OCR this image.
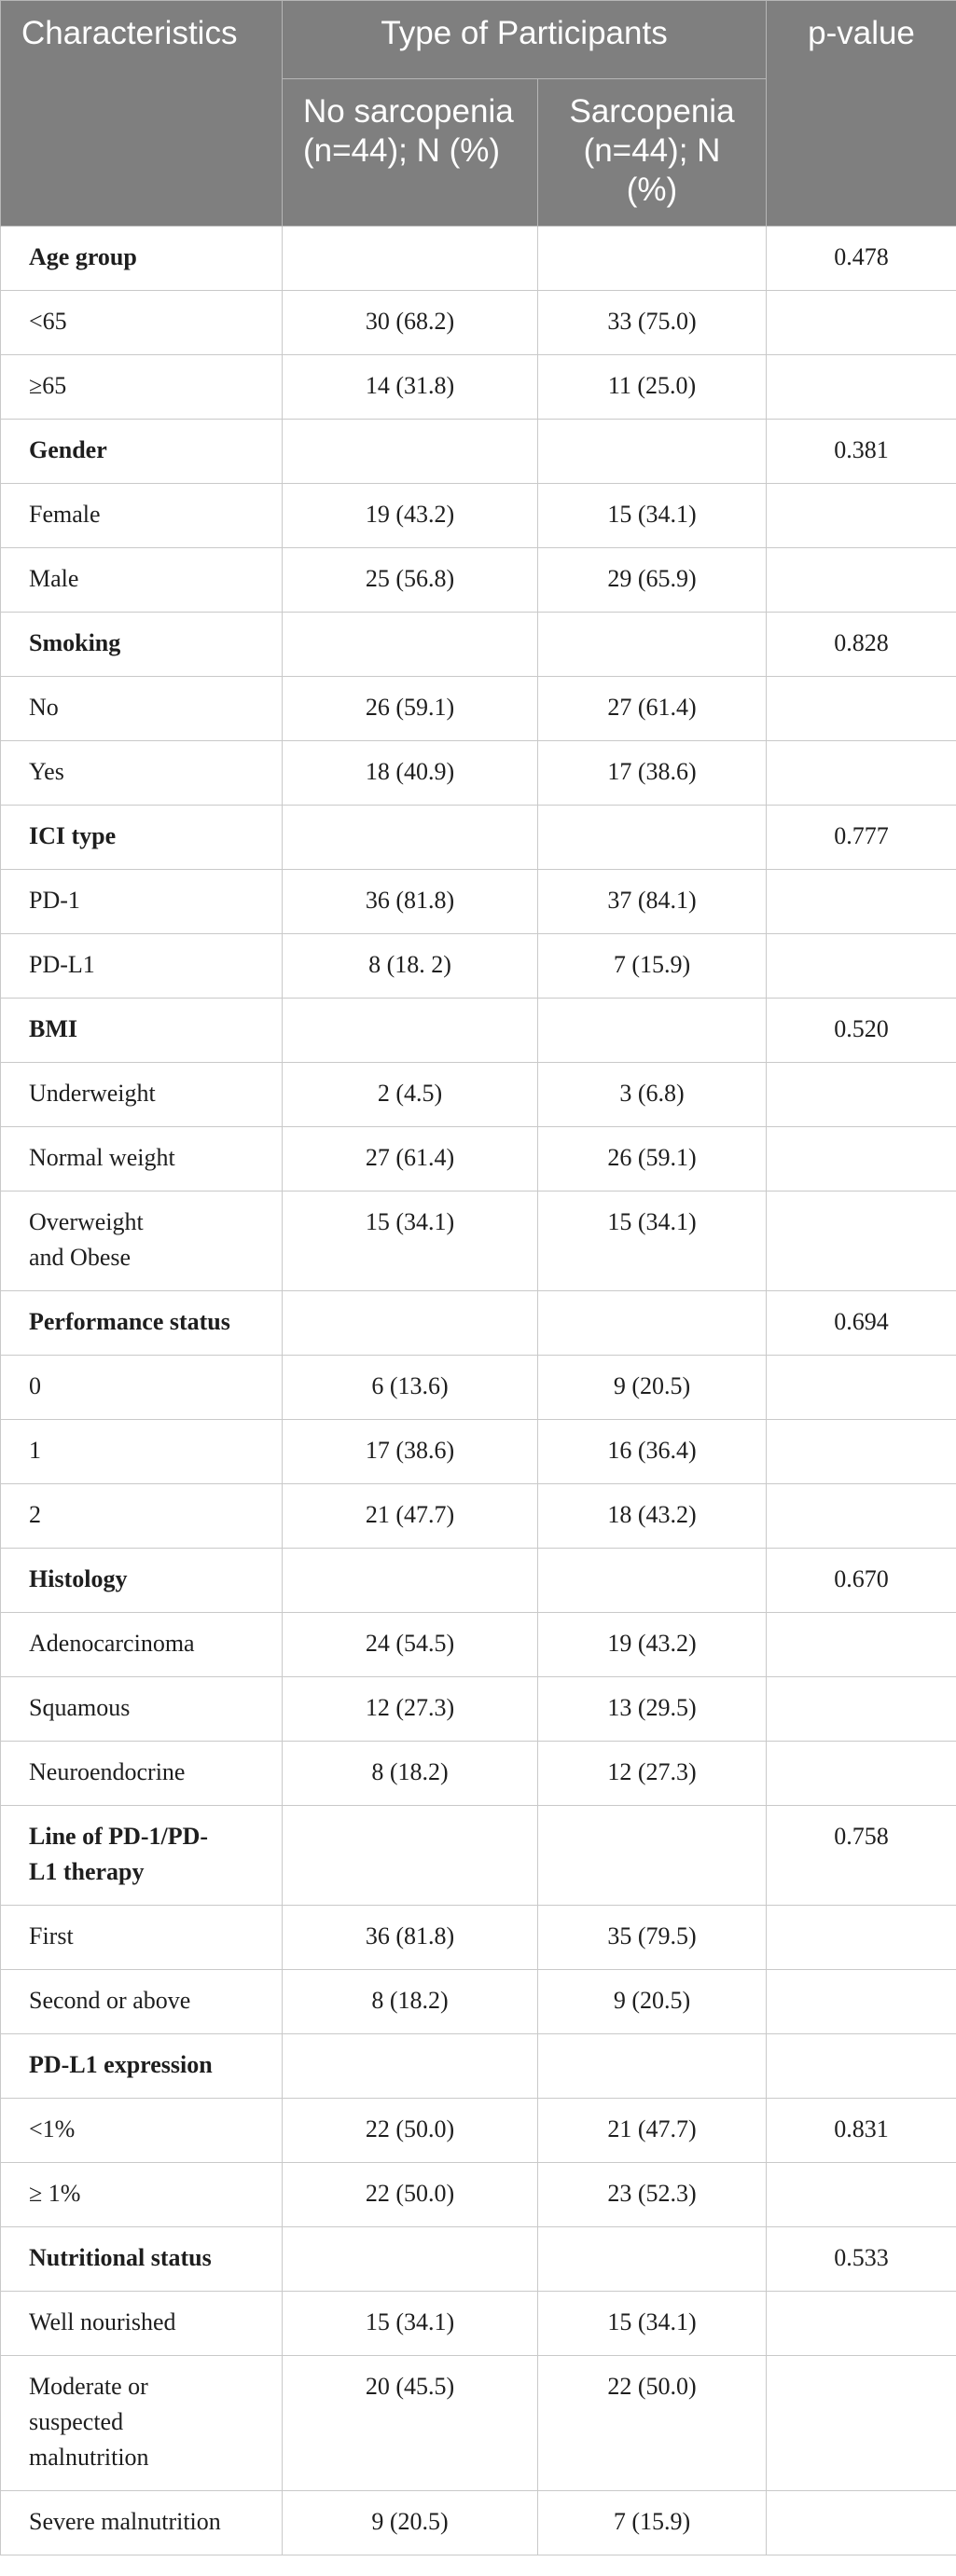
Characteristics	Type of Participants		p-value
	No sarcopenia (n=44); N (%)	Sarcopenia (n=44); N (%)	
Age group			0.478
<65	30 (68.2)	33 (75.0)	
≥65	14 (31.8)	11 (25.0)	
Gender			0.381
Female	19 (43.2)	15 (34.1)	
Male	25 (56.8)	29 (65.9)	
Smoking			0.828
No	26 (59.1)	27 (61.4)	
Yes	18 (40.9)	17 (38.6)	
ICI type			0.777
PD-1	36 (81.8)	37 (84.1)	
PD-L1	8 (18. 2)	7 (15.9)	
BMI			0.520
Underweight	2 (4.5)	3 (6.8)	
Normal weight	27 (61.4)	26 (59.1)	
Overweight
and Obese	15 (34.1)	15 (34.1)	
Performance status			0.694
0	6 (13.6)	9 (20.5)	
1	17 (38.6)	16 (36.4)	
2	21 (47.7)	18 (43.2)	
Histology			0.670
Adenocarcinoma	24 (54.5)	19 (43.2)	
Squamous	12 (27.3)	13 (29.5)	
Neuroendocrine	8 (18.2)	12 (27.3)	
Line of PD-1/PD-
L1 therapy			0.758
First	36 (81.8)	35 (79.5)	
Second or above	8 (18.2)	9 (20.5)	
PD-L1 expression			
<1%	22 (50.0)	21 (47.7)	0.831
≥ 1%	22 (50.0)	23 (52.3)	
Nutritional status			0.533
Well nourished	15 (34.1)	15 (34.1)	
Moderate or
suspected
malnutrition	20 (45.5)	22 (50.0)	
Severe malnutrition	9 (20.5)	7 (15.9)	
